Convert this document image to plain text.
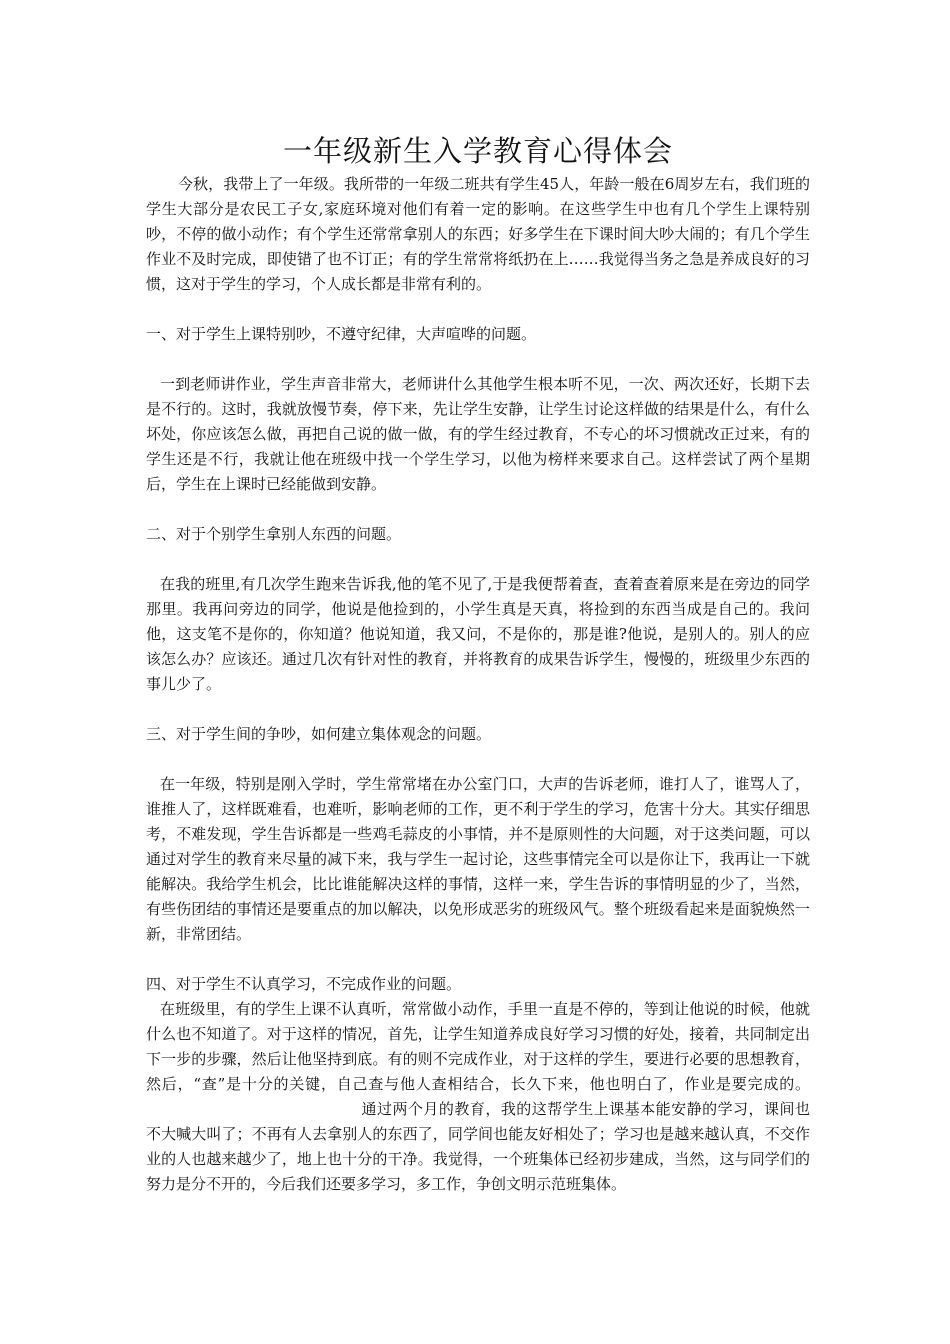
一年级新生入学教育心得体会

今秋，我带上了一年级。我所带的一年级二班共有学生45人，年龄一般在6周岁左右，我们班的学生大部分是农民工子女,家庭环境对他们有着一定的影响。在这些学生中也有几个学生上课特别吵，不停的做小动作；有个学生还常常拿别人的东西；好多学生在下课时间大吵大闹的；有几个学生作业不及时完成，即使错了也不订正；有的学生常常将纸扔在上……我觉得当务之急是养成良好的习惯，这对于学生的学习，个人成长都是非常有利的。

一、对于学生上课特别吵，不遵守纪律，大声喧哗的问题。

一到老师讲作业，学生声音非常大，老师讲什么其他学生根本听不见，一次、两次还好，长期下去是不行的。这时，我就放慢节奏，停下来，先让学生安静，让学生讨论这样做的结果是什么，有什么坏处，你应该怎么做，再把自己说的做一做，有的学生经过教育，不专心的坏习惯就改正过来，有的学生还是不行，我就让他在班级中找一个学生学习，以他为榜样来要求自己。这样尝试了两个星期后，学生在上课时已经能做到安静。

二、对于个别学生拿别人东西的问题。

在我的班里,有几次学生跑来告诉我,他的笔不见了,于是我便帮着查，查着查着原来是在旁边的同学那里。我再问旁边的同学，他说是他捡到的，小学生真是天真，将捡到的东西当成是自己的。我问他，这支笔不是你的，你知道？他说知道，我又问，不是你的，那是谁?他说，是别人的。别人的应该怎么办？应该还。通过几次有针对性的教育，并将教育的成果告诉学生，慢慢的，班级里少东西的事儿少了。

三、对于学生间的争吵，如何建立集体观念的问题。

在一年级，特别是刚入学时，学生常常堵在办公室门口，大声的告诉老师，谁打人了，谁骂人了，谁推人了，这样既难看，也难听，影响老师的工作，更不利于学生的学习，危害十分大。其实仔细思考，不难发现，学生告诉都是一些鸡毛蒜皮的小事情，并不是原则性的大问题，对于这类问题，可以通过对学生的教育来尽量的减下来，我与学生一起讨论，这些事情完全可以是你让下，我再让一下就能解决。我给学生机会，比比谁能解决这样的事情，这样一来，学生告诉的事情明显的少了，当然，有些伤团结的事情还是要重点的加以解决，以免形成恶劣的班级风气。整个班级看起来是面貌焕然一新，非常团结。

四、对于学生不认真学习，不完成作业的问题。

在班级里，有的学生上课不认真听，常常做小动作，手里一直是不停的，等到让他说的时候，他就什么也不知道了。对于这样的情况，首先，让学生知道养成良好学习习惯的好处，接着，共同制定出下一步的步骤，然后让他坚持到底。有的则不完成作业，对于这样的学生，要进行必要的思想教育，然后，“查”是十分的关键，自己查与他人查相结合，长久下来，他也明白了，作业是要完成的。通过两个月的教育，我的这帮学生上课基本能安静的学习，课间也不大喊大叫了；不再有人去拿别人的东西了，同学间也能友好相处了；学习也是越来越认真，不交作业的人也越来越少了，地上也十分的干净。我觉得，一个班集体已经初步建成，当然，这与同学们的努力是分不开的，今后我们还要多学习，多工作，争创文明示范班集体。
